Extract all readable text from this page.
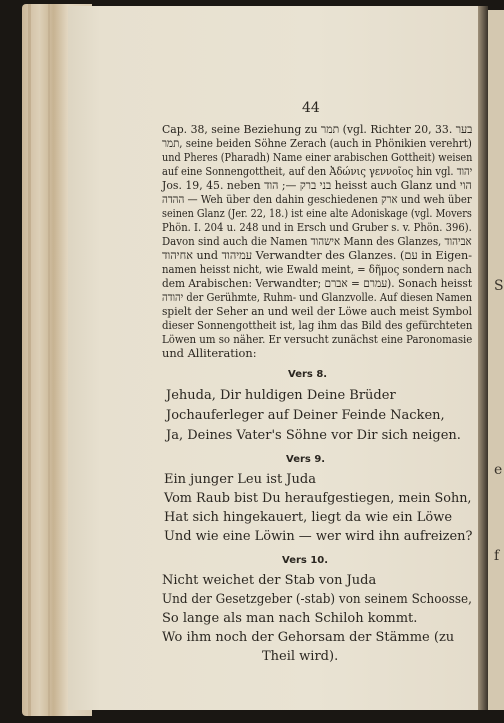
S
e
f
44
Cap. 38, seine Beziehung zu תמר (vgl. Richter 20, 33. בער
תמר, seine beiden Söhne Zerach (auch in Phönikien verehrt)
und Pheres (Pharadh) Name einer arabischen Gottheit) weisen
auf eine Sonnengottheit, auf den Ἀδώνις γεννοῖος hin vgl. יהוד
Jos. 19, 45. neben בני ברק —; הוד heisst auch Glanz und הוי
ההדה — Weh über den dahin geschiedenen ארק und weh über
seinen Glanz (Jer. 22, 18.) ist eine alte Adoniskage (vgl. Movers
Phön. I. 204 u. 248 und in Ersch und Gruber s. v. Phön. 396).
Davon sind auch die Namen אישהוד Mann des Glanzes, אביהוד
אחיהוד und עמיהוד Verwandter des Glanzes. (עם in Eigen-
namen heisst nicht, wie Ewald meint, = δῆμος sondern nach
dem Arabischen: Verwandter; עמרם = אברם). Sonach heisst
יהודה der Gerühmte, Ruhm- und Glanzvolle. Auf diesen Namen
spielt der Seher an und weil der Löwe auch meist Symbol
dieser Sonnengottheit ist, lag ihm das Bild des gefürchteten
Löwen um so näher. Er versucht zunächst eine Paronomasie
und Alliteration:
Vers 8.
Jehuda, Dir huldigen Deine Brüder
Jochauferleger auf Deiner Feinde Nacken,
Ja, Deines Vater's Söhne vor Dir sich neigen.
Vers 9.
Ein junger Leu ist Juda
Vom Raub bist Du heraufgestiegen, mein Sohn,
Hat sich hingekauert, liegt da wie ein Löwe
Und wie eine Löwin — wer wird ihn aufreizen?
Vers 10.
Nicht weichet der Stab von Juda
Und der Gesetzgeber (-stab) von seinem Schoosse,
So lange als man nach Schiloh kommt.
Wo ihm noch der Gehorsam der Stämme (zu
Theil wird).
